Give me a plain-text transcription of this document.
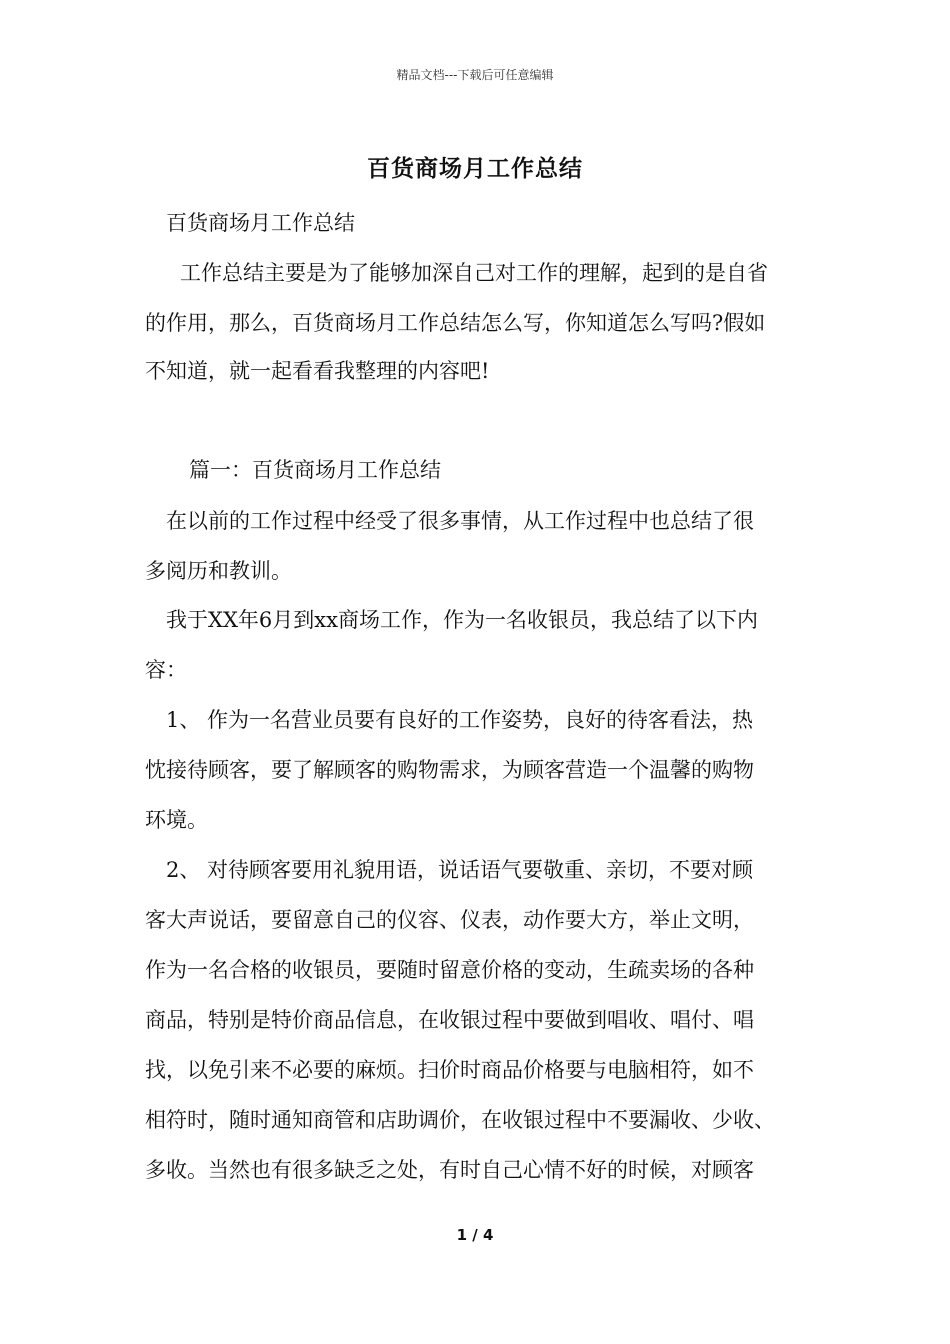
精品文档---下载后可任意编辑
百货商场月工作总结
百货商场月工作总结
工作总结主要是为了能够加深自己对工作的理解，起到的是自省
的作用，那么，百货商场月工作总结怎么写，你知道怎么写吗?假如
不知道，就一起看看我整理的内容吧!
篇一：百货商场月工作总结
在以前的工作过程中经受了很多事情，从工作过程中也总结了很
多阅历和教训。
我于XX年6月到xx商场工作，作为一名收银员，我总结了以下内
容：
1、 作为一名营业员要有良好的工作姿势，良好的待客看法，热
忱接待顾客，要了解顾客的购物需求，为顾客营造一个温馨的购物
环境。
2、 对待顾客要用礼貌用语，说话语气要敬重、亲切，不要对顾
客大声说话，要留意自己的仪容、仪表，动作要大方，举止文明，
作为一名合格的收银员，要随时留意价格的变动，生疏卖场的各种
商品，特别是特价商品信息，在收银过程中要做到唱收、唱付、唱
找，以免引来不必要的麻烦。扫价时商品价格要与电脑相符，如不
相符时，随时通知商管和店助调价，在收银过程中不要漏收、少收、
多收。当然也有很多缺乏之处，有时自己心情不好的时候，对顾客
1 / 4
